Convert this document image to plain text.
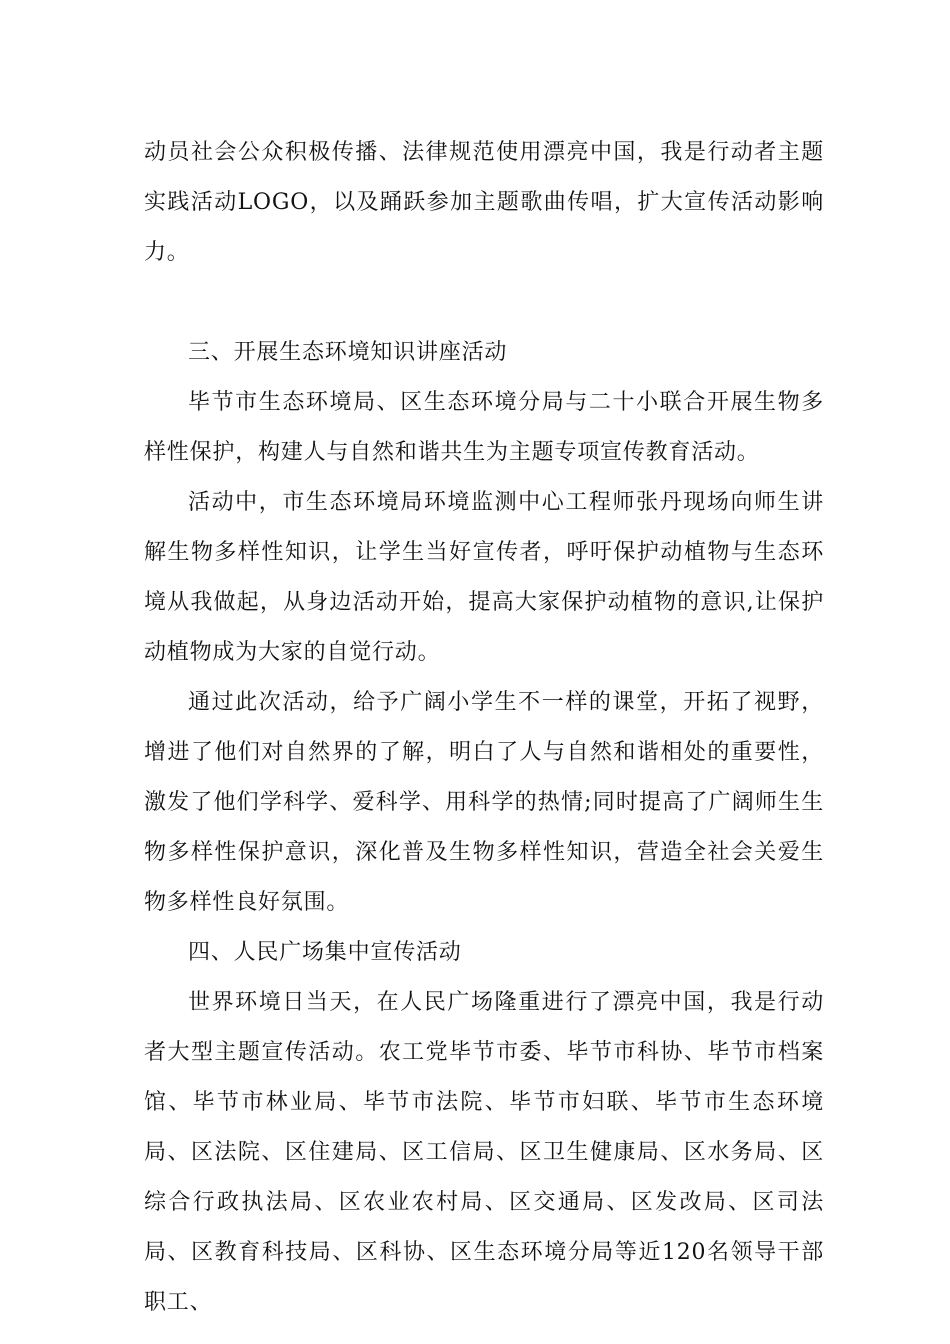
动员社会公众积极传播、法律规范使用漂亮中国，我是行动者主题实践活动LOGO，以及踊跃参加主题歌曲传唱，扩大宣传活动影响力。

三、开展生态环境知识讲座活动

毕节市生态环境局、区生态环境分局与二十小联合开展生物多样性保护，构建人与自然和谐共生为主题专项宣传教育活动。

活动中，市生态环境局环境监测中心工程师张丹现场向师生讲解生物多样性知识，让学生当好宣传者，呼吁保护动植物与生态环境从我做起，从身边活动开始，提高大家保护动植物的意识,让保护动植物成为大家的自觉行动。

通过此次活动，给予广阔小学生不一样的课堂，开拓了视野，增进了他们对自然界的了解，明白了人与自然和谐相处的重要性，激发了他们学科学、爱科学、用科学的热情;同时提高了广阔师生生物多样性保护意识，深化普及生物多样性知识，营造全社会关爱生物多样性良好氛围。

四、人民广场集中宣传活动

世界环境日当天，在人民广场隆重进行了漂亮中国，我是行动者大型主题宣传活动。农工党毕节市委、毕节市科协、毕节市档案馆、毕节市林业局、毕节市法院、毕节市妇联、毕节市生态环境局、区法院、区住建局、区工信局、区卫生健康局、区水务局、区综合行政执法局、区农业农村局、区交通局、区发改局、区司法局、区教育科技局、区科协、区生态环境分局等近120名领导干部职工、
